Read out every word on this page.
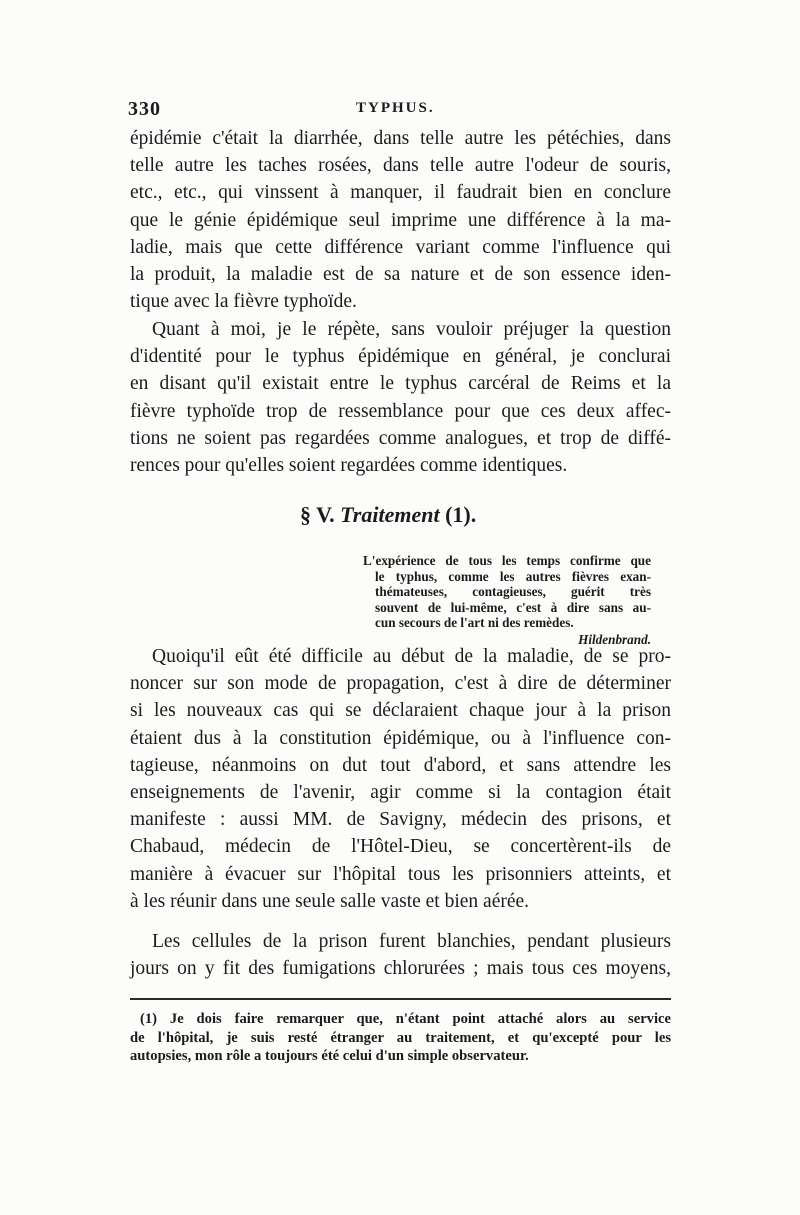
330	TYPHUS.
épidémie c'était la diarrhée, dans telle autre les pétéchies, dans
telle autre les taches rosées, dans telle autre l'odeur de souris,
etc., etc., qui vinssent à manquer, il faudrait bien en conclure
que le génie épidémique seul imprime une différence à la ma-
ladie, mais que cette différence variant comme l'influence qui
la produit, la maladie est de sa nature et de son essence iden-
tique avec la fièvre typhoïde.
Quant à moi, je le répète, sans vouloir préjuger la question
d'identité pour le typhus épidémique en général, je conclurai
en disant qu'il existait entre le typhus carcéral de Reims et la
fièvre typhoïde trop de ressemblance pour que ces deux affec-
tions ne soient pas regardées comme analogues, et trop de diffé-
rences pour qu'elles soient regardées comme identiques.
§ V. Traitement (1).
L'expérience de tous les temps confirme que
le typhus, comme les autres fièvres exan-
thémateuses, contagieuses, guérit très
souvent de lui-même, c'est à dire sans au-
cun secours de l'art ni des remèdes.
Hildenbrand.
Quoiqu'il eût été difficile au début de la maladie, de se pro-
noncer sur son mode de propagation, c'est à dire de déterminer
si les nouveaux cas qui se déclaraient chaque jour à la prison
étaient dus à la constitution épidémique, ou à l'influence con-
tagieuse, néanmoins on dut tout d'abord, et sans attendre les
enseignements de l'avenir, agir comme si la contagion était
manifeste : aussi MM. de Savigny, médecin des prisons, et
Chabaud, médecin de l'Hôtel-Dieu, se concertèrent-ils de
manière à évacuer sur l'hôpital tous les prisonniers atteints, et
à les réunir dans une seule salle vaste et bien aérée.
Les cellules de la prison furent blanchies, pendant plusieurs
jours on y fit des fumigations chlorurées ; mais tous ces moyens,
(1) Je dois faire remarquer que, n'étant point attaché alors au service
de l'hôpital, je suis resté étranger au traitement, et qu'excepté pour les
autopsies, mon rôle a toujours été celui d'un simple observateur.
